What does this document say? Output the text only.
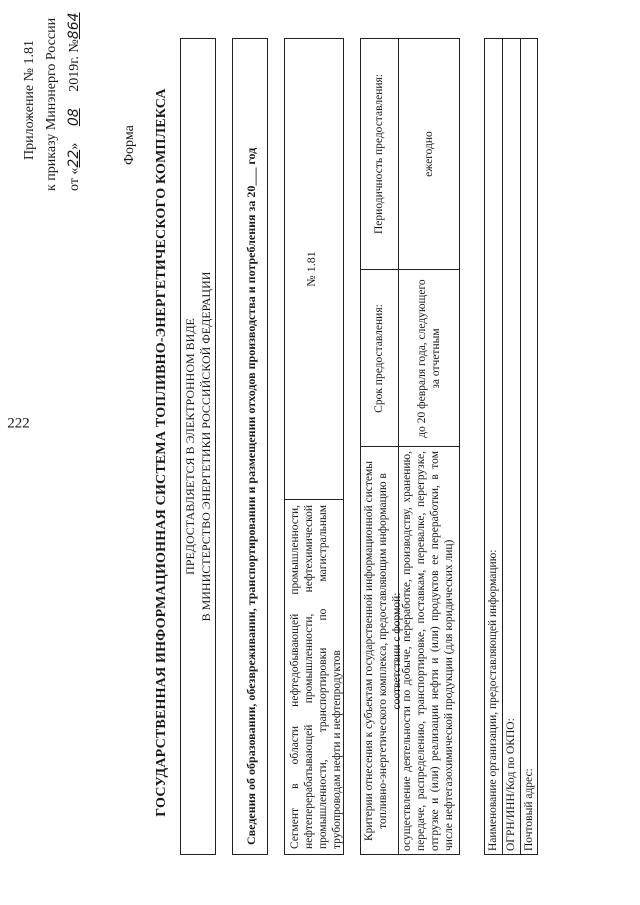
ГОСУДАРСТВЕННАЯ ИНФОРМАЦИОННАЯ СИСТЕМА ТОПЛИВНО-ЭНЕРГЕТИЧЕСКОГО КОМПЛЕКСА ПРЕДОСТАВЛЯЕТСЯ В ЭЛЕКТРОННОМ ВИДЕ В МИНИСТЕРСТВО ЭНЕРГЕТИКИ РОССИЙСКОЙ ФЕДЕРАЦИИ	Сведения об образовании, обезвреживании, транспортировании и размещении отходов производства и потребления за 20___ год	Сегмент в области нефтедобывающей промышленности, нефтеперерабатывающей промышленности, нефтехимической промышленности, транспортировки по магистральным трубопроводам нефти и нефтепродуктов
№ 1.81
Критерии отнесения к субъектам государственной информационной системы топливно-энергетического комплекса, предоставляющим информацию в соответствии с формой:
Срок предоставления:
Периодичность предоставления:
осуществление деятельности по добыче, переработке, производству, хранению, передаче, распределению, транспортировке, поставкам, перевалке, перегрузке, отгрузке и (или) реализации нефти и (или) продуктов ее переработки, в том числе нефтегазохимической продукции (для юридических лиц)
до 20 февраля года, следующего за отчетным
ежегодно
Наименование организации, предоставляющей информацию: ОГРН/ИНН/Код по ОКПО: Почтовый адрес:
Форма
Приложение № 1.81 к приказу Минэнерго России от «22» 08 2019г. №864
222
